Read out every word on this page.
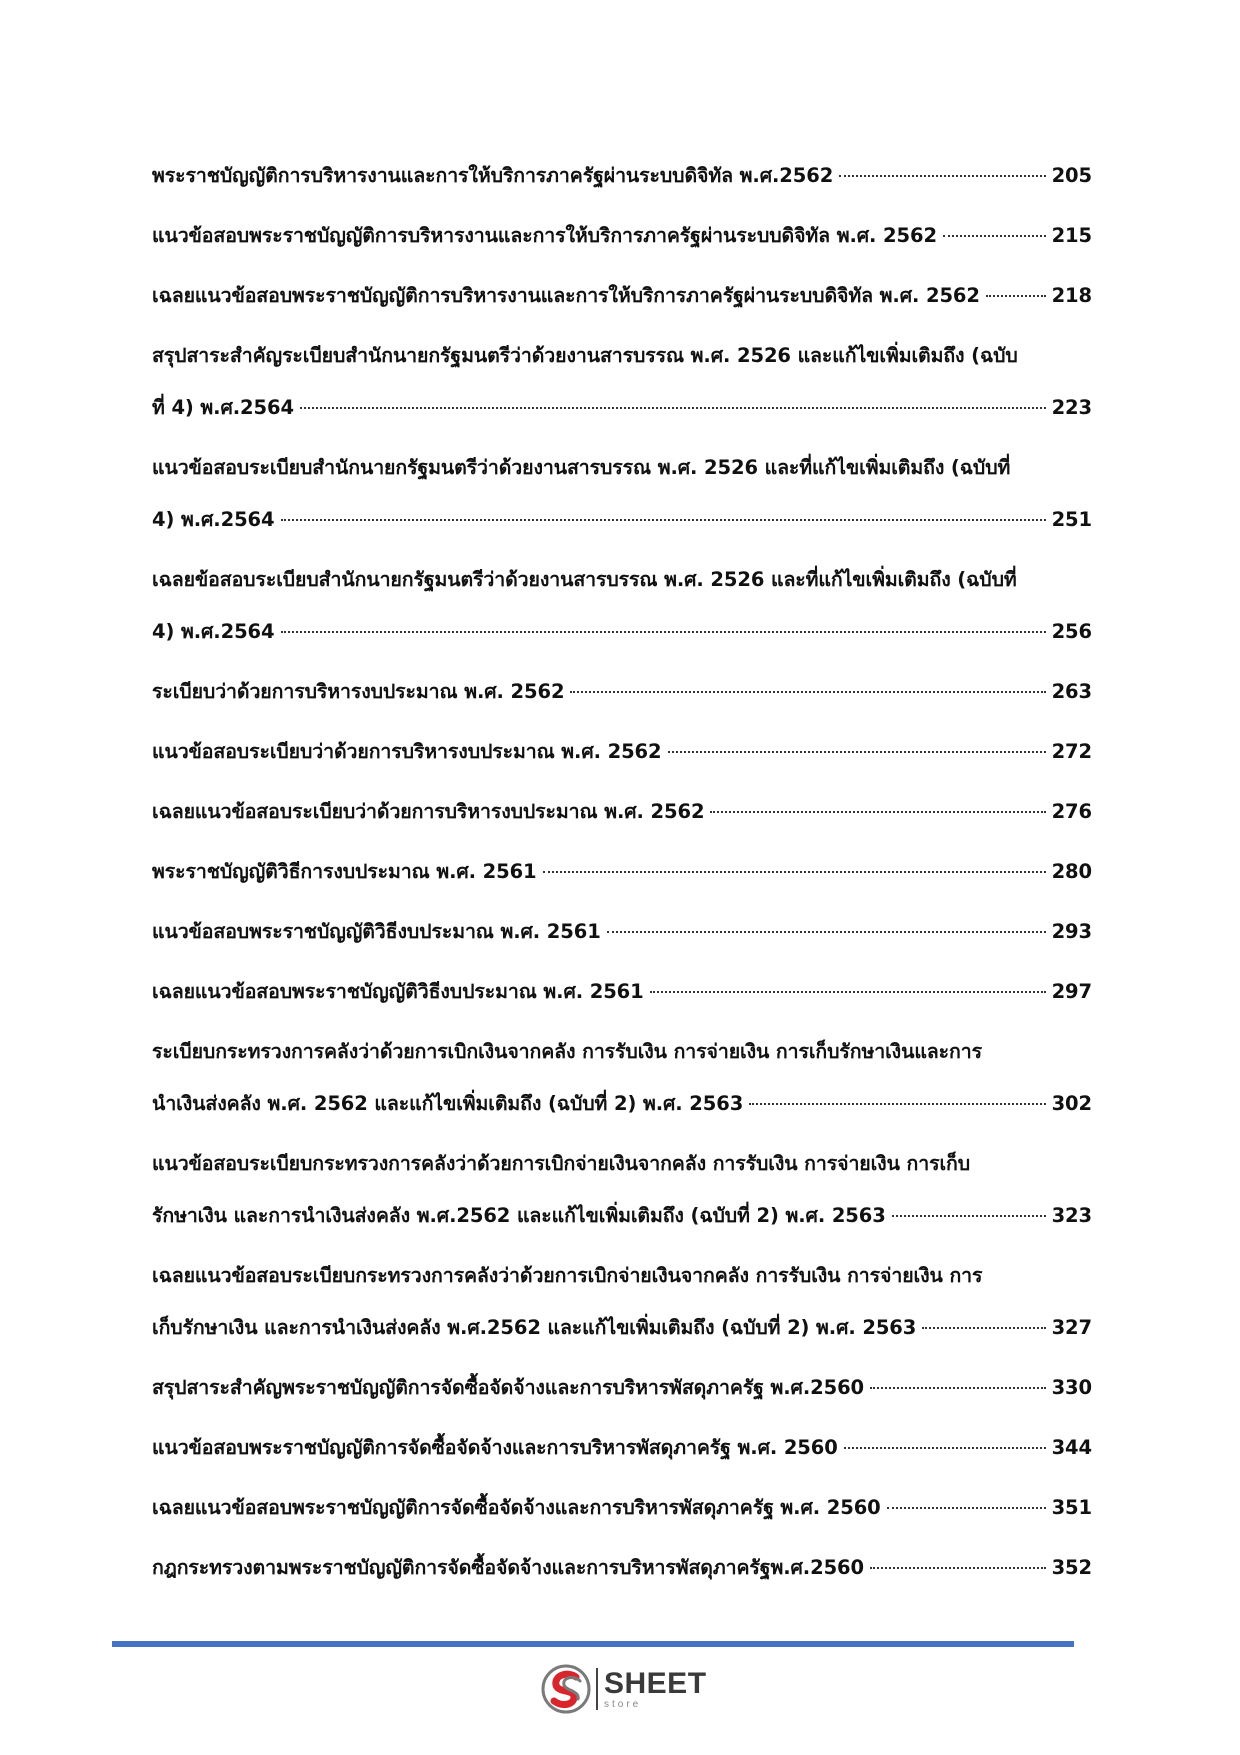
พระราชบัญญัติการบริหารงานและการให้บริการภาครัฐผ่านระบบดิจิทัล พ.ศ.2562	205
แนวข้อสอบพระราชบัญญัติการบริหารงานและการให้บริการภาครัฐผ่านระบบดิจิทัล พ.ศ. 2562	215
เฉลยแนวข้อสอบพระราชบัญญัติการบริหารงานและการให้บริการภาครัฐผ่านระบบดิจิทัล พ.ศ. 2562	218
สรุปสาระสำคัญระเบียบสำนักนายกรัฐมนตรีว่าด้วยงานสารบรรณ พ.ศ. 2526 และแก้ไขเพิ่มเติมถึง (ฉบับ
ที่ 4) พ.ศ.2564	223
แนวข้อสอบระเบียบสำนักนายกรัฐมนตรีว่าด้วยงานสารบรรณ พ.ศ. 2526 และที่แก้ไขเพิ่มเติมถึง (ฉบับที่
4) พ.ศ.2564	251
เฉลยข้อสอบระเบียบสำนักนายกรัฐมนตรีว่าด้วยงานสารบรรณ พ.ศ. 2526 และที่แก้ไขเพิ่มเติมถึง (ฉบับที่
4) พ.ศ.2564	256
ระเบียบว่าด้วยการบริหารงบประมาณ พ.ศ. 2562	263
แนวข้อสอบระเบียบว่าด้วยการบริหารงบประมาณ พ.ศ. 2562	272
เฉลยแนวข้อสอบระเบียบว่าด้วยการบริหารงบประมาณ พ.ศ. 2562	276
พระราชบัญญัติวิธีการงบประมาณ พ.ศ. 2561	280
แนวข้อสอบพระราชบัญญัติวิธีงบประมาณ พ.ศ. 2561	293
เฉลยแนวข้อสอบพระราชบัญญัติวิธีงบประมาณ พ.ศ. 2561	297
ระเบียบกระทรวงการคลังว่าด้วยการเบิกเงินจากคลัง การรับเงิน การจ่ายเงิน การเก็บรักษาเงินและการ
นำเงินส่งคลัง พ.ศ. 2562 และแก้ไขเพิ่มเติมถึง (ฉบับที่ 2) พ.ศ. 2563	302
แนวข้อสอบระเบียบกระทรวงการคลังว่าด้วยการเบิกจ่ายเงินจากคลัง การรับเงิน การจ่ายเงิน การเก็บ
รักษาเงิน และการนำเงินส่งคลัง พ.ศ.2562 และแก้ไขเพิ่มเติมถึง (ฉบับที่ 2) พ.ศ. 2563	323
เฉลยแนวข้อสอบระเบียบกระทรวงการคลังว่าด้วยการเบิกจ่ายเงินจากคลัง การรับเงิน การจ่ายเงิน การ
เก็บรักษาเงิน และการนำเงินส่งคลัง พ.ศ.2562 และแก้ไขเพิ่มเติมถึง (ฉบับที่ 2) พ.ศ. 2563	327
สรุปสาระสำคัญพระราชบัญญัติการจัดซื้อจัดจ้างและการบริหารพัสดุภาครัฐ พ.ศ.2560	330
แนวข้อสอบพระราชบัญญัติการจัดซื้อจัดจ้างและการบริหารพัสดุภาครัฐ พ.ศ. 2560	344
เฉลยแนวข้อสอบพระราชบัญญัติการจัดซื้อจัดจ้างและการบริหารพัสดุภาครัฐ พ.ศ. 2560	351
กฎกระทรวงตามพระราชบัญญัติการจัดซื้อจัดจ้างและการบริหารพัสดุภาครัฐพ.ศ.2560	352
SHEET
store
